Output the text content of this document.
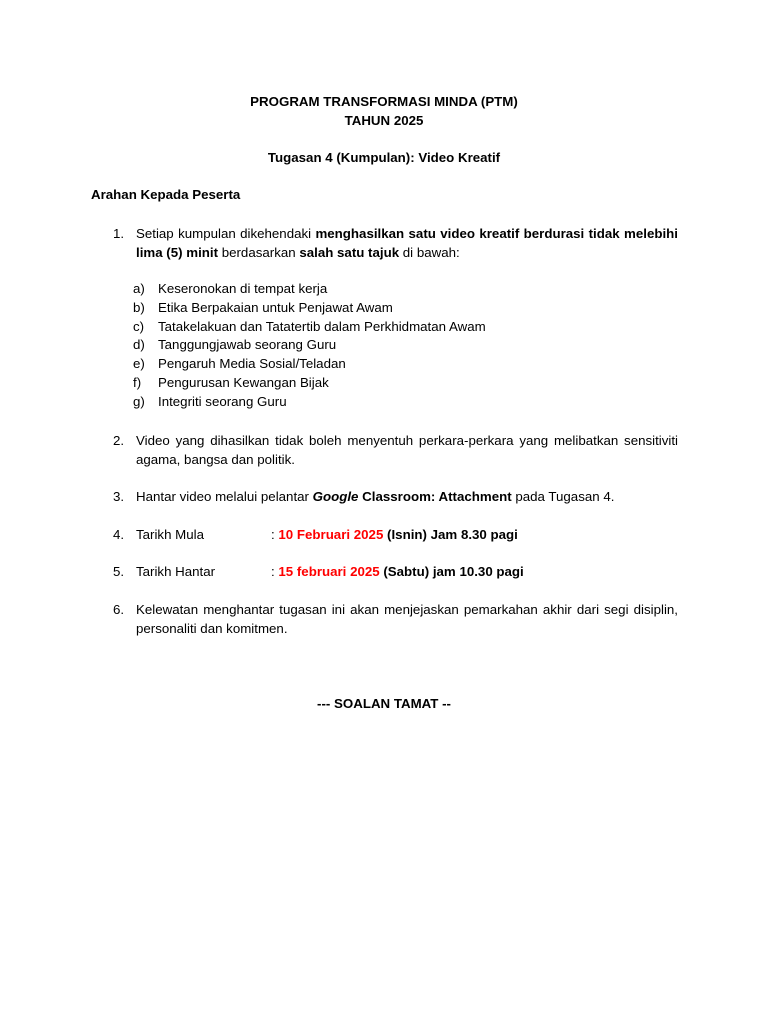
PROGRAM TRANSFORMASI MINDA (PTM)
TAHUN 2025
Tugasan 4 (Kumpulan): Video Kreatif
Arahan Kepada Peserta
1. Setiap kumpulan dikehendaki menghasilkan satu video kreatif berdurasi tidak melebihi lima (5) minit berdasarkan salah satu tajuk di bawah:
a) Keseronokan di tempat kerja
b) Etika Berpakaian untuk Penjawat Awam
c) Tatakelakuan dan Tatatertib dalam Perkhidmatan Awam
d) Tanggungjawab seorang Guru
e) Pengaruh Media Sosial/Teladan
f) Pengurusan Kewangan Bijak
g) Integriti seorang Guru
2. Video yang dihasilkan tidak boleh menyentuh perkara-perkara yang melibatkan sensitiviti agama, bangsa dan politik.
3. Hantar video melalui pelantar Google Classroom: Attachment pada Tugasan 4.
4. Tarikh Mula	: 10 Februari 2025 (Isnin) Jam 8.30 pagi
5. Tarikh Hantar	: 15 februari 2025 (Sabtu) jam 10.30 pagi
6. Kelewatan menghantar tugasan ini akan menjejaskan pemarkahan akhir dari segi disiplin, personaliti dan komitmen.
--- SOALAN TAMAT --
